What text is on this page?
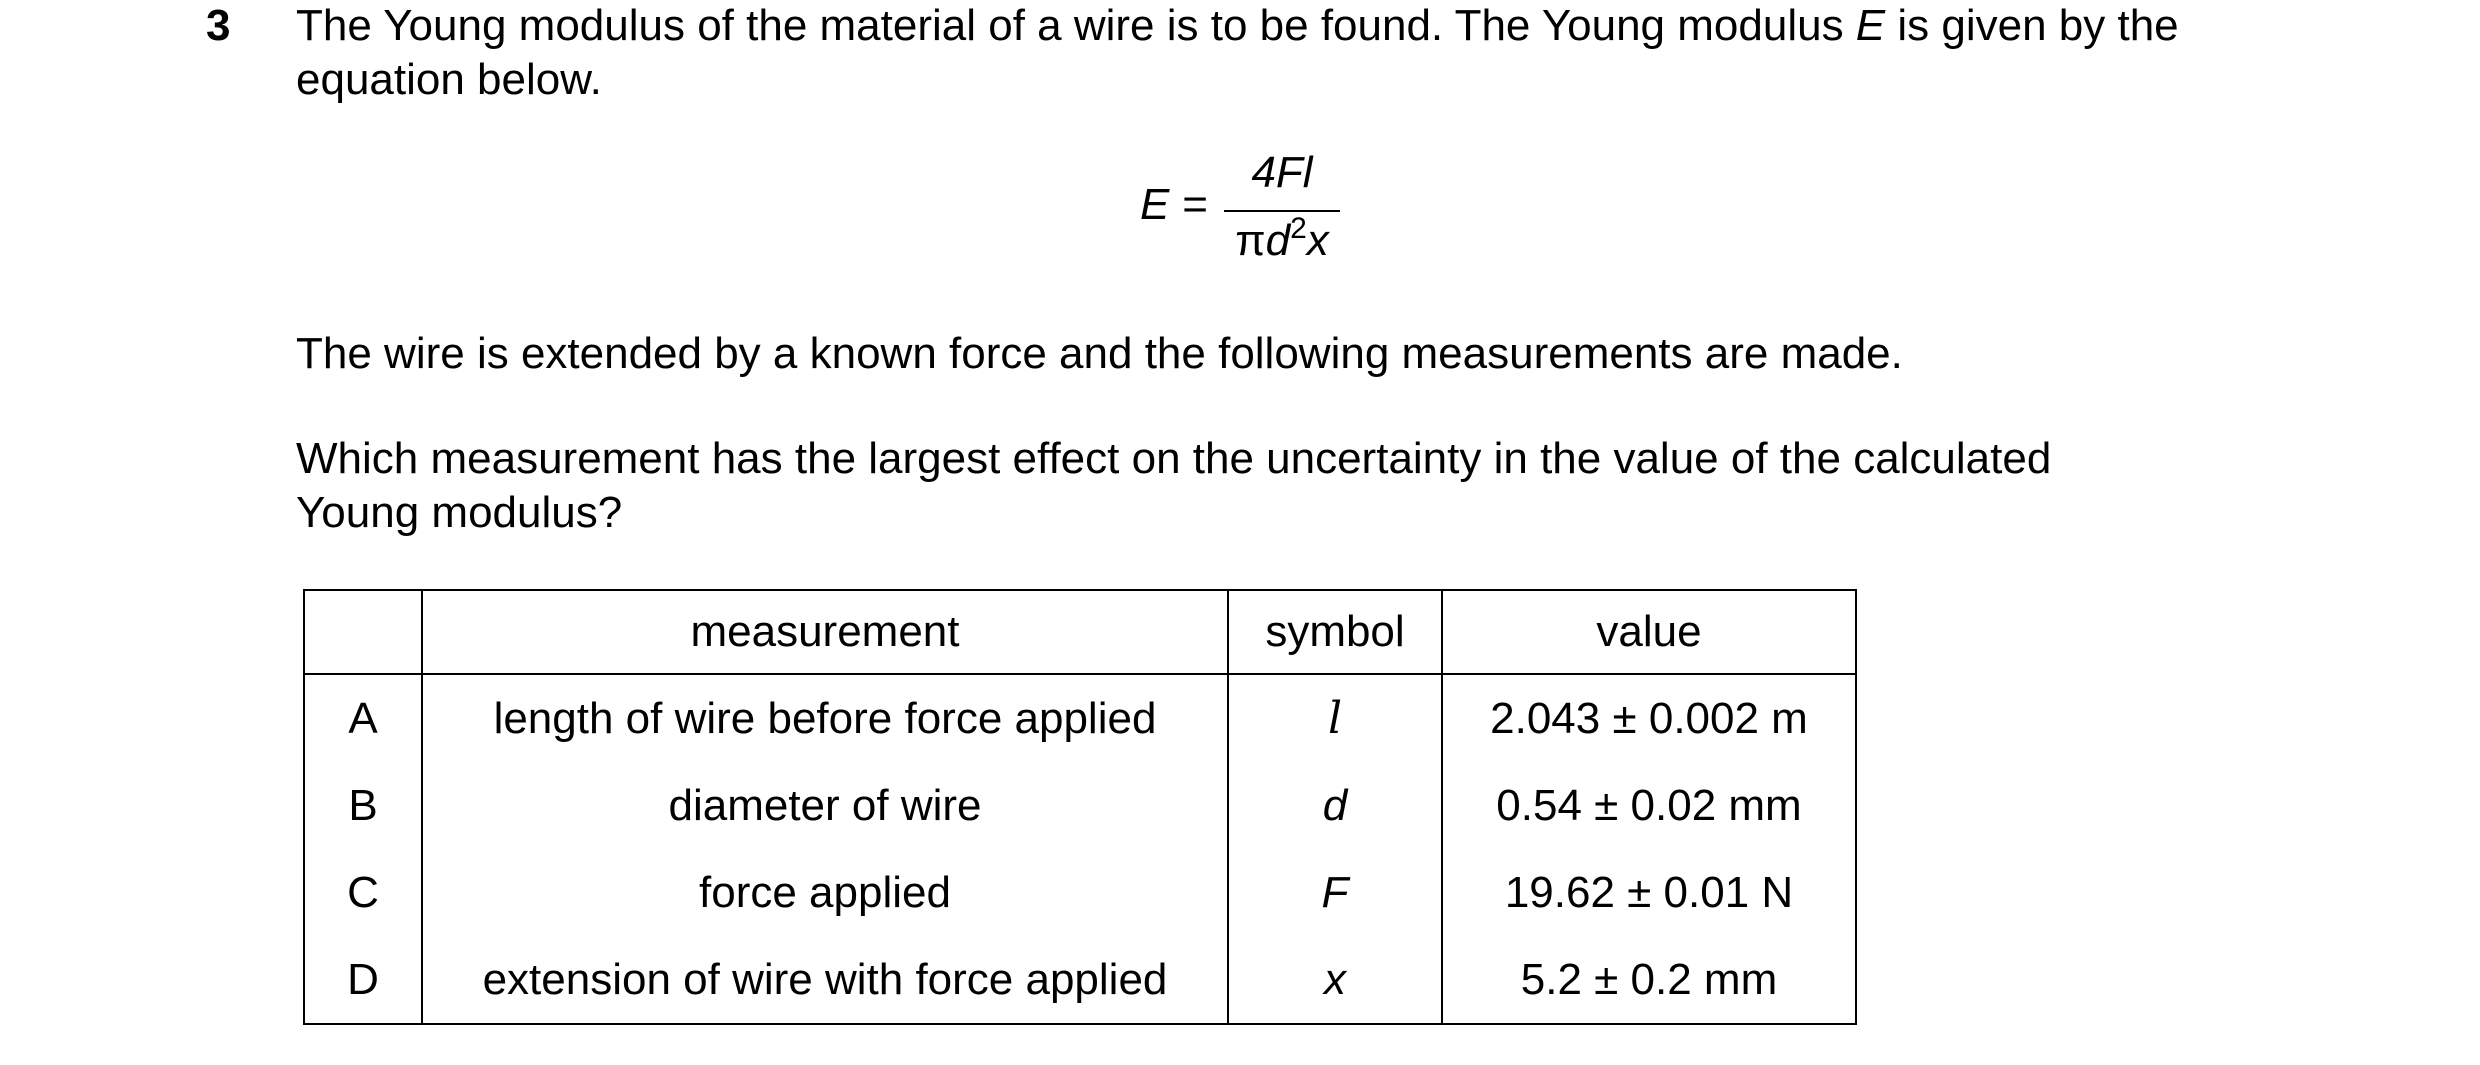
3 The Young modulus of the material of a wire is to be found. The Young modulus E is given by the
equation below.
E =
4Fl
$\pi d^2x$
The wire is extended by a known force and the following measurements are made.
Which measurement has the largest effect on the uncertainty in the value of the calculated
Young modulus?
	measurement	symbol	value
A	length of wire before force applied	l	2.043 ± 0.002 m
B	diameter of wire	d	0.54 ± 0.02 mm
C	force applied	F	19.62 ± 0.01 N
D	extension of wire with force applied	x	5.2 ± 0.2 mm
